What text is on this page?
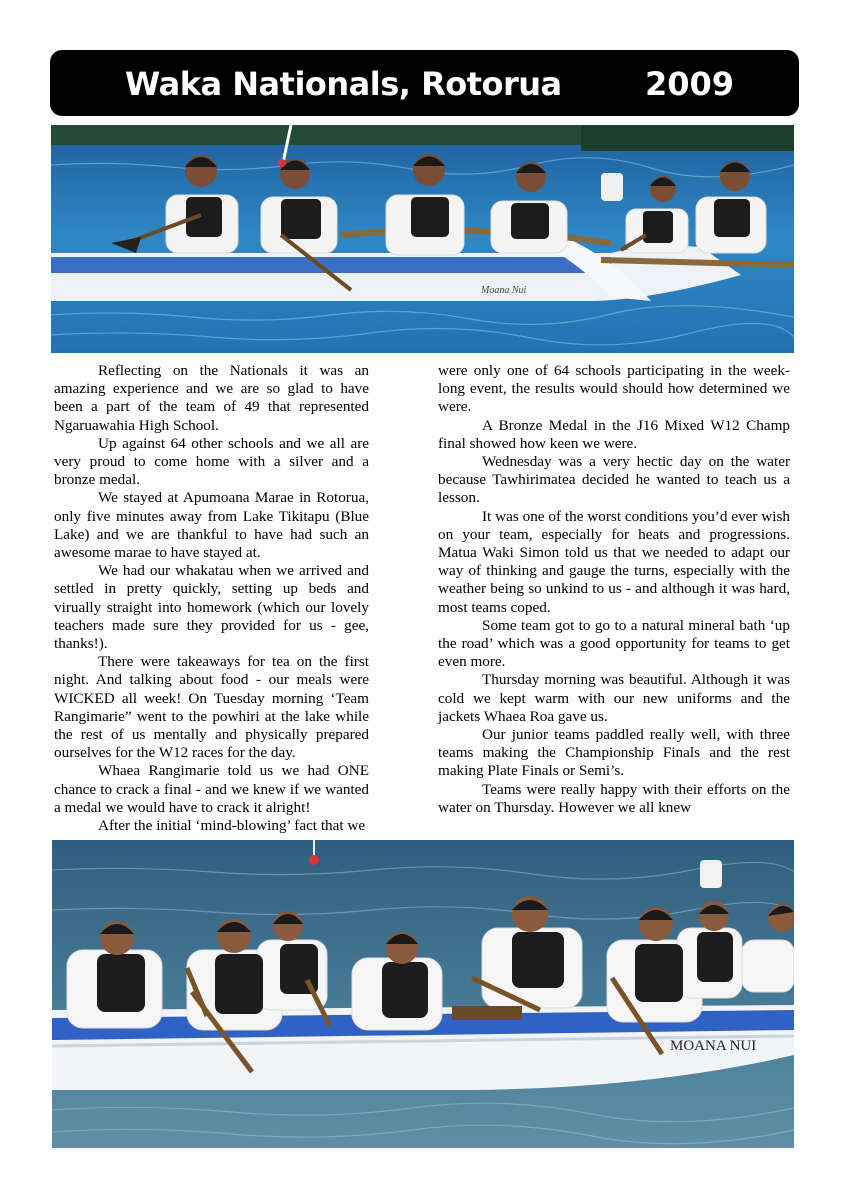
Waka Nationals, Rotorua	2009
Moana Nui

Reflecting on the Nationals it was an amazing experience and we are so glad to have been a part of the team of 49 that represented Ngaruawahia High School.

Up against 64 other schools and we all are very proud to come home with a silver and a bronze medal.

We stayed at Apumoana Marae in Rotorua, only five minutes away from Lake Tikitapu (Blue Lake) and we are thankful to have had such an awesome marae to have stayed at.

We had our whakatau when we arrived and settled in pretty quickly, setting up beds and virually straight into homework (which our lovely teachers made sure they provided for us - gee, thanks!).

There were takeaways for tea on the first night. And talking about food - our meals were WICKED all week! On Tuesday morning ‘Team Rangimarie” went to the powhiri at the lake while the rest of us mentally and physically prepared ourselves for the W12 races for the day.

Whaea Rangimarie told us we had ONE chance to crack a final - and we knew if we wanted a medal we would have to crack it alright!

After the initial ‘mind-blowing’ fact that we

were only one of 64 schools participating in the week-long event, the results would should how determined we were.

A Bronze Medal in the J16 Mixed W12 Champ final showed how keen we were.

Wednesday was a very hectic day on the water because Tawhirimatea decided he wanted to teach us a lesson.

It was one of the worst conditions you’d ever wish on your team, especially for heats and progressions. Matua Waki Simon told us that we needed to adapt our way of thinking and gauge the turns, especially with the weather being so unkind to us - and although it was hard, most teams coped.

Some team got to go to a natural mineral bath ‘up the road’ which was a good opportunity for teams to get even more.

Thursday morning was beautiful. Although it was cold we kept warm with our new uniforms and the jackets Whaea Roa gave us.

Our junior teams paddled really well, with three teams making the Championship Finals and the rest making Plate Finals or Semi’s.

Teams were really happy with their efforts on the water on Thursday. However we all knew

MOANA NUI
